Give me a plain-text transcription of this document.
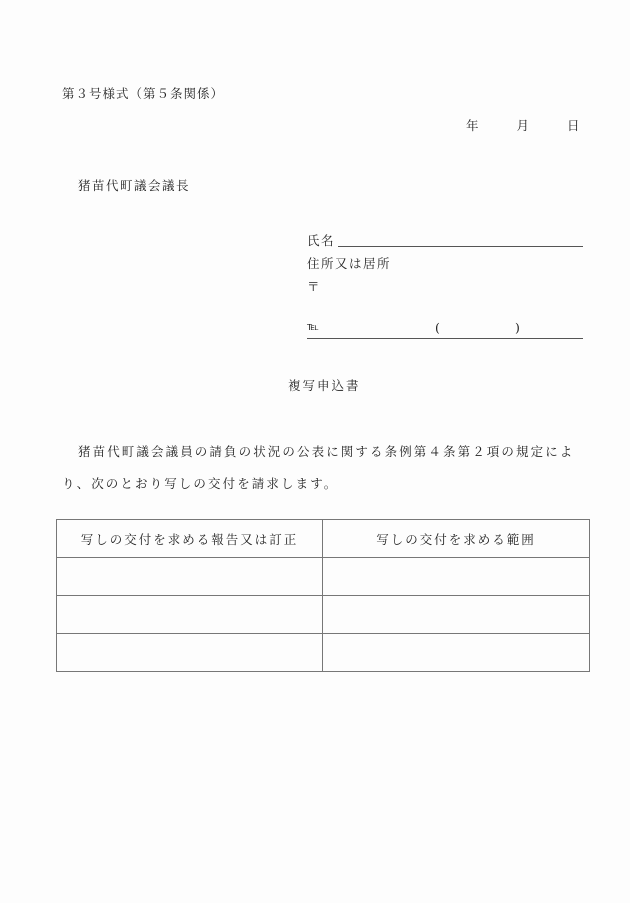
第３号様式（第５条関係）
年	月	日
猪苗代町議会議長
氏名
住所又は居所
〒
℡	(	)
複写申込書
猪苗代町議会議員の請負の状況の公表に関する条例第４条第２項の規定により、次のとおり写しの交付を請求します。
写しの交付を求める報告又は訂正	写しの交付を求める範囲
